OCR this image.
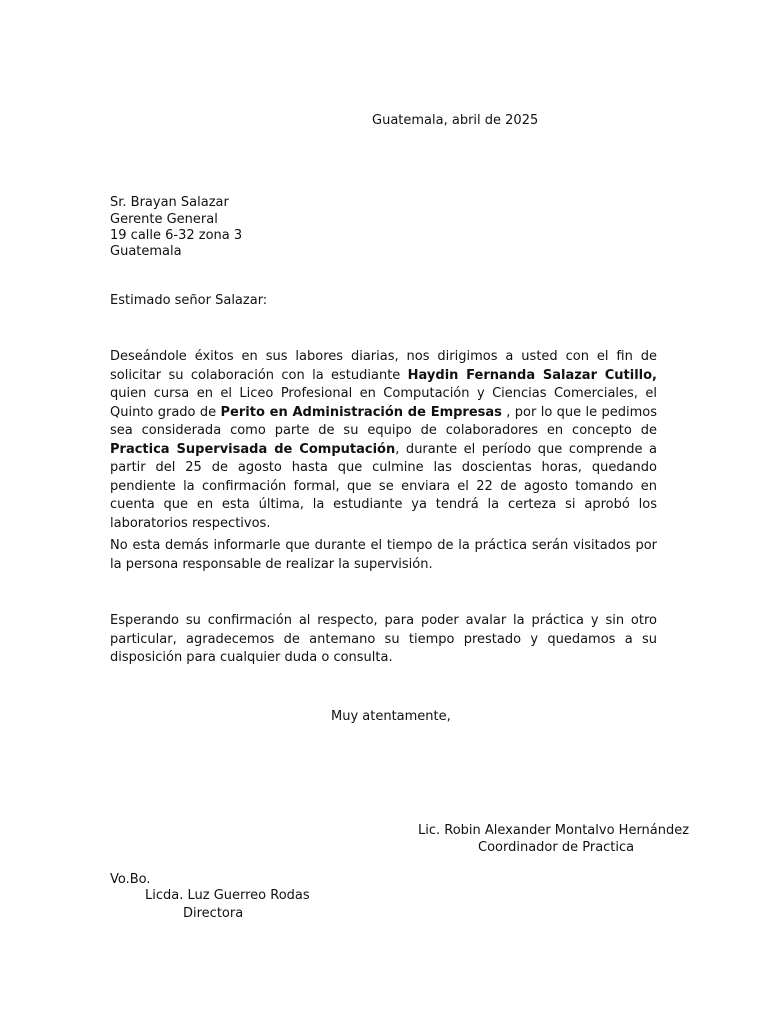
Guatemala, abril de 2025
Sr. Brayan Salazar
Gerente General
19 calle 6-32 zona 3
Guatemala
Estimado señor Salazar:
Deseándole éxitos en sus labores diarias, nos dirigimos a usted con el fin de solicitar su colaboración con la estudiante Haydin Fernanda Salazar Cutillo, quien cursa en el Liceo Profesional en Computación y Ciencias Comerciales, el Quinto grado de Perito en Administración de Empresas , por lo que le pedimos sea considerada como parte de su equipo de colaboradores en concepto de Practica Supervisada de Computación, durante el período que comprende a partir del 25 de agosto hasta que culmine las doscientas horas, quedando pendiente la confirmación formal, que se enviara el 22 de agosto tomando en cuenta que en esta última, la estudiante ya tendrá la certeza si aprobó los laboratorios respectivos.
No esta demás informarle que durante el tiempo de la práctica serán visitados por la persona responsable de realizar la supervisión.
Esperando su confirmación al respecto, para poder avalar la práctica y sin otro particular, agradecemos de antemano su tiempo prestado y quedamos a su disposición para cualquier duda o consulta.
Muy atentamente,
Lic. Robin Alexander Montalvo Hernández
Coordinador de Practica
Vo.Bo.
Licda. Luz Guerreo Rodas
Directora
